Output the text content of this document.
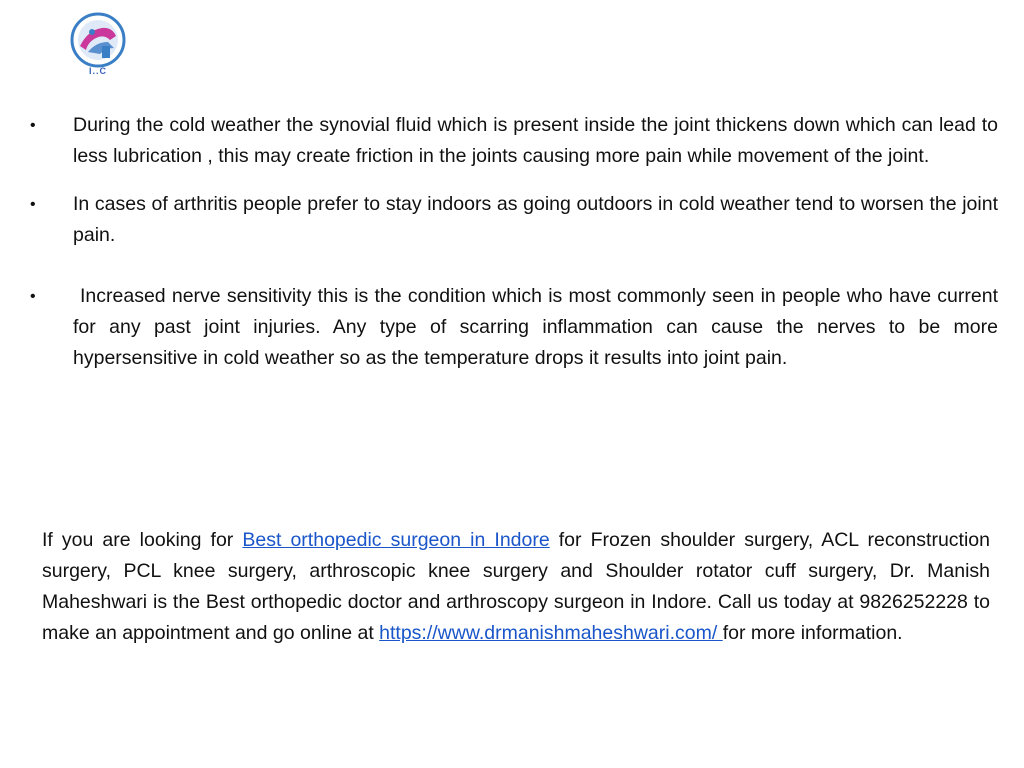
I..C
•	During the cold weather the synovial fluid which is present inside the joint thickens down which can lead to less lubrication , this may create friction in the joints causing more pain while movement of the joint.
•	In cases of arthritis people prefer to stay indoors as going outdoors in cold weather tend to worsen the joint pain.
•	Increased nerve sensitivity this is the condition which is most commonly seen in people who have current for any past joint injuries. Any type of scarring inflammation can cause the nerves to be more hypersensitive in cold weather so as the temperature drops it results into joint pain.

If you are looking for Best orthopedic surgeon in Indore for Frozen shoulder surgery, ACL reconstruction surgery, PCL knee surgery, arthroscopic knee surgery and Shoulder rotator cuff surgery, Dr. Manish Maheshwari is the Best orthopedic doctor and arthroscopy surgeon in Indore. Call us today at 9826252228 to make an appointment and go online at https://www.drmanishmaheshwari.com/ for more information.
